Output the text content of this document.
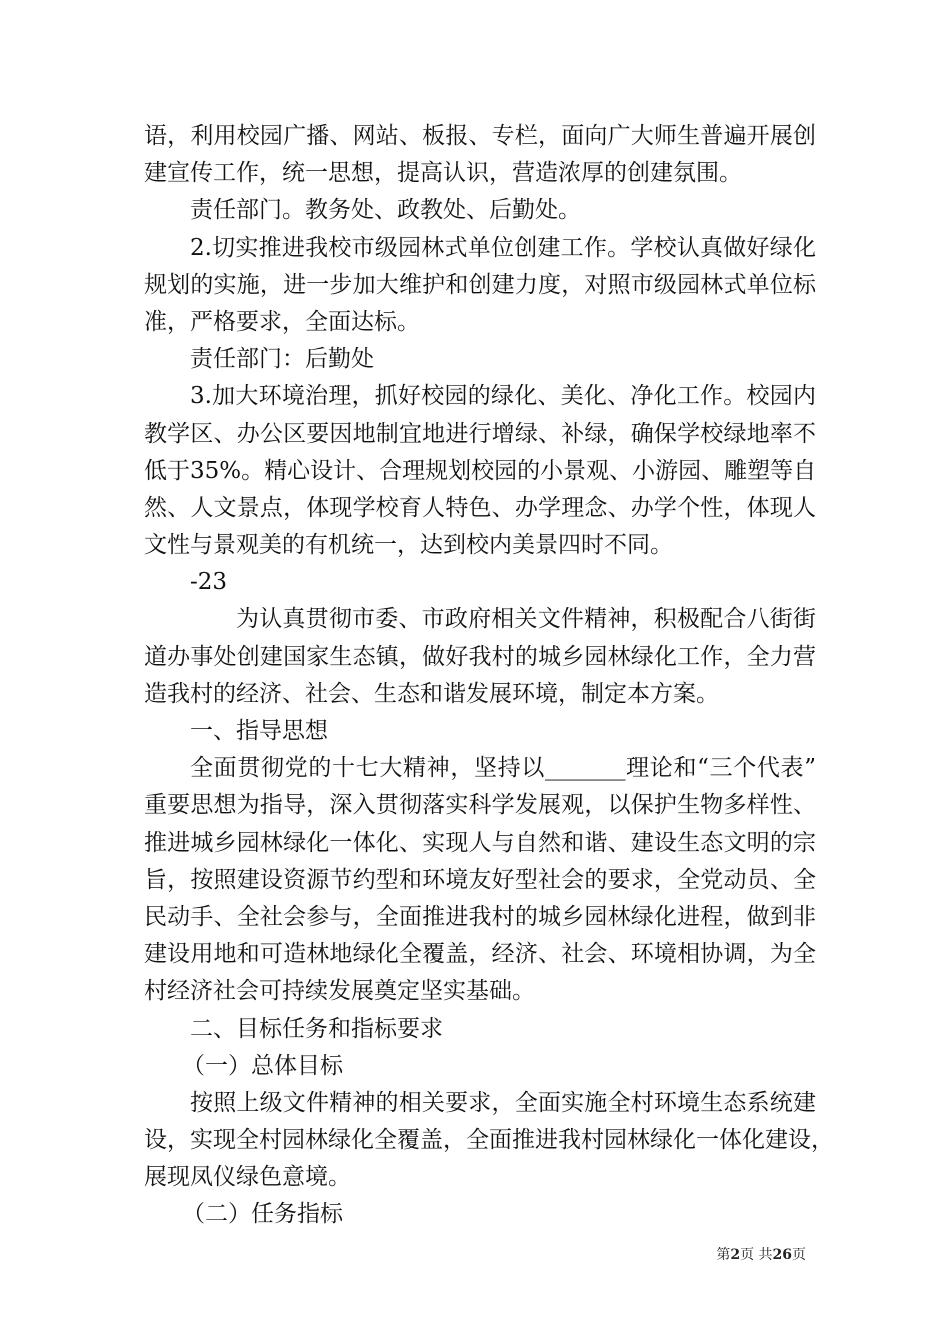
语，利用校园广播、网站、板报、专栏，面向广大师生普遍开展创
建宣传工作，统一思想，提高认识，营造浓厚的创建氛围。
责任部门。教务处、政教处、后勤处。
2.切实推进我校市级园林式单位创建工作。学校认真做好绿化
规划的实施，进一步加大维护和创建力度，对照市级园林式单位标
准，严格要求，全面达标。
责任部门：后勤处
3.加大环境治理，抓好校园的绿化、美化、净化工作。校园内
教学区、办公区要因地制宜地进行增绿、补绿，确保学校绿地率不
低于35%。精心设计、合理规划校园的小景观、小游园、雕塑等自
然、人文景点，体现学校育人特色、办学理念、办学个性，体现人
文性与景观美的有机统一，达到校内美景四时不同。
-23
为认真贯彻市委、市政府相关文件精神，积极配合八街街
道办事处创建国家生态镇，做好我村的城乡园林绿化工作，全力营
造我村的经济、社会、生态和谐发展环境，制定本方案。
一、指导思想
全面贯彻党的十七大精神，坚持以_______理论和“三个代表”
重要思想为指导，深入贯彻落实科学发展观，以保护生物多样性、
推进城乡园林绿化一体化、实现人与自然和谐、建设生态文明的宗
旨，按照建设资源节约型和环境友好型社会的要求，全党动员、全
民动手、全社会参与，全面推进我村的城乡园林绿化进程，做到非
建设用地和可造林地绿化全覆盖，经济、社会、环境相协调，为全
村经济社会可持续发展奠定坚实基础。
二、目标任务和指标要求
（一）总体目标
按照上级文件精神的相关要求，全面实施全村环境生态系统建
设，实现全村园林绿化全覆盖，全面推进我村园林绿化一体化建设，
展现凤仪绿色意境。
（二）任务指标
第2页 共26页
